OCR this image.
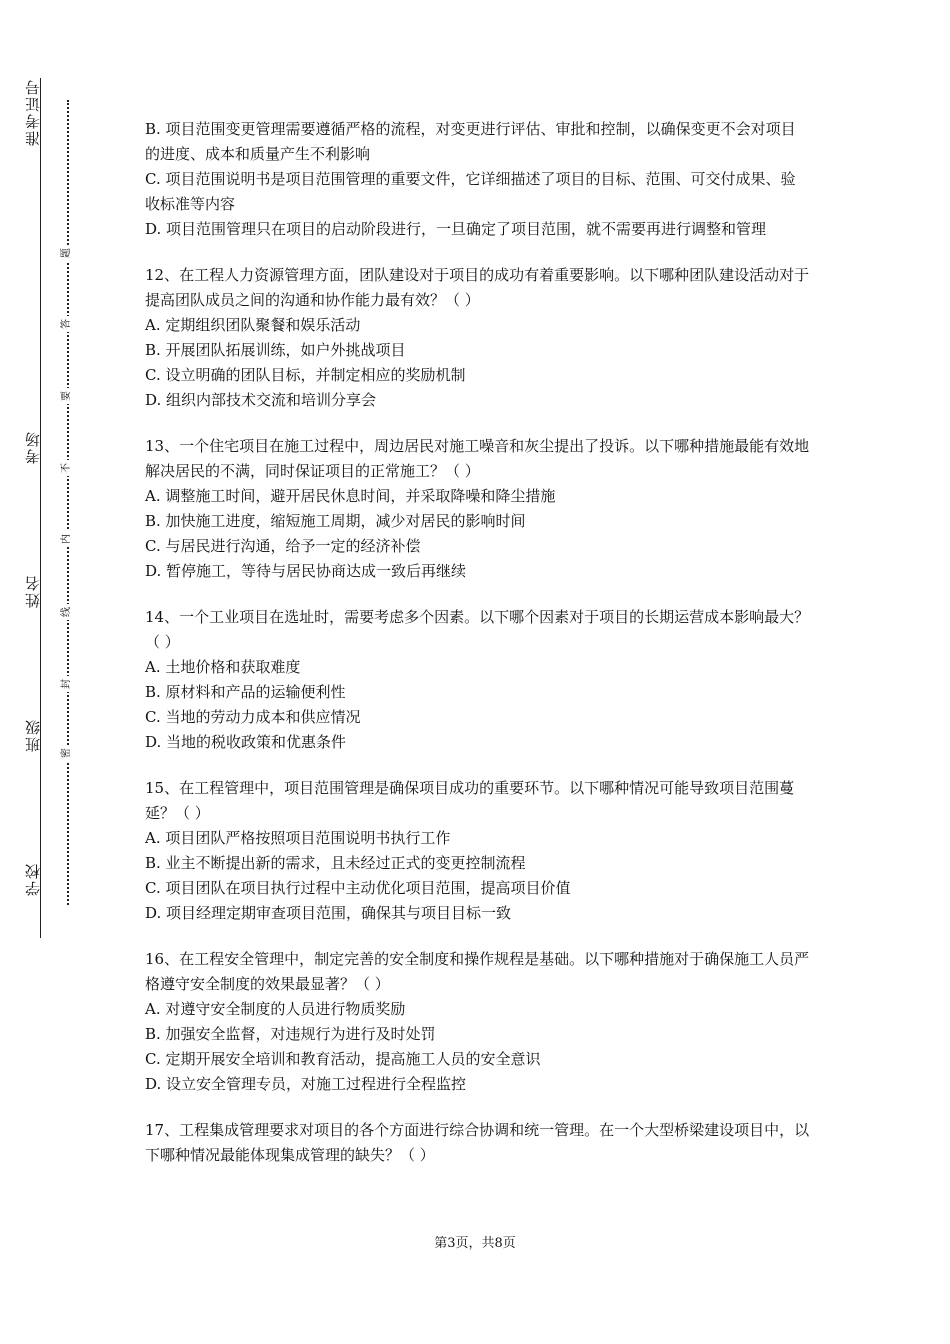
准考证号
考场
姓名
班级
学校
密
封
线
内
不
要
答
题

B. 项目范围变更管理需要遵循严格的流程，对变更进行评估、审批和控制，以确保变更不会对项目的进度、成本和质量产生不利影响

C. 项目范围说明书是项目范围管理的重要文件，它详细描述了项目的目标、范围、可交付成果、验收标准等内容

D. 项目范围管理只在项目的启动阶段进行，一旦确定了项目范围，就不需要再进行调整和管理

12、在工程人力资源管理方面，团队建设对于项目的成功有着重要影响。以下哪种团队建设活动对于提高团队成员之间的沟通和协作能力最有效？（ ）

A. 定期组织团队聚餐和娱乐活动

B. 开展团队拓展训练，如户外挑战项目

C. 设立明确的团队目标，并制定相应的奖励机制

D. 组织内部技术交流和培训分享会

13、一个住宅项目在施工过程中，周边居民对施工噪音和灰尘提出了投诉。以下哪种措施最能有效地解决居民的不满，同时保证项目的正常施工？（ ）

A. 调整施工时间，避开居民休息时间，并采取降噪和降尘措施

B. 加快施工进度，缩短施工周期，减少对居民的影响时间

C. 与居民进行沟通，给予一定的经济补偿

D. 暂停施工，等待与居民协商达成一致后再继续

14、一个工业项目在选址时，需要考虑多个因素。以下哪个因素对于项目的长期运营成本影响最大？（ ）

A. 土地价格和获取难度

B. 原材料和产品的运输便利性

C. 当地的劳动力成本和供应情况

D. 当地的税收政策和优惠条件

15、在工程管理中，项目范围管理是确保项目成功的重要环节。以下哪种情况可能导致项目范围蔓延？（ ）

A. 项目团队严格按照项目范围说明书执行工作

B. 业主不断提出新的需求，且未经过正式的变更控制流程

C. 项目团队在项目执行过程中主动优化项目范围，提高项目价值

D. 项目经理定期审查项目范围，确保其与项目目标一致

16、在工程安全管理中，制定完善的安全制度和操作规程是基础。以下哪种措施对于确保施工人员严格遵守安全制度的效果最显著？（ ）

A. 对遵守安全制度的人员进行物质奖励

B. 加强安全监督，对违规行为进行及时处罚

C. 定期开展安全培训和教育活动，提高施工人员的安全意识

D. 设立安全管理专员，对施工过程进行全程监控

17、工程集成管理要求对项目的各个方面进行综合协调和统一管理。在一个大型桥梁建设项目中，以下哪种情况最能体现集成管理的缺失？（ ）

第3页，共8页
